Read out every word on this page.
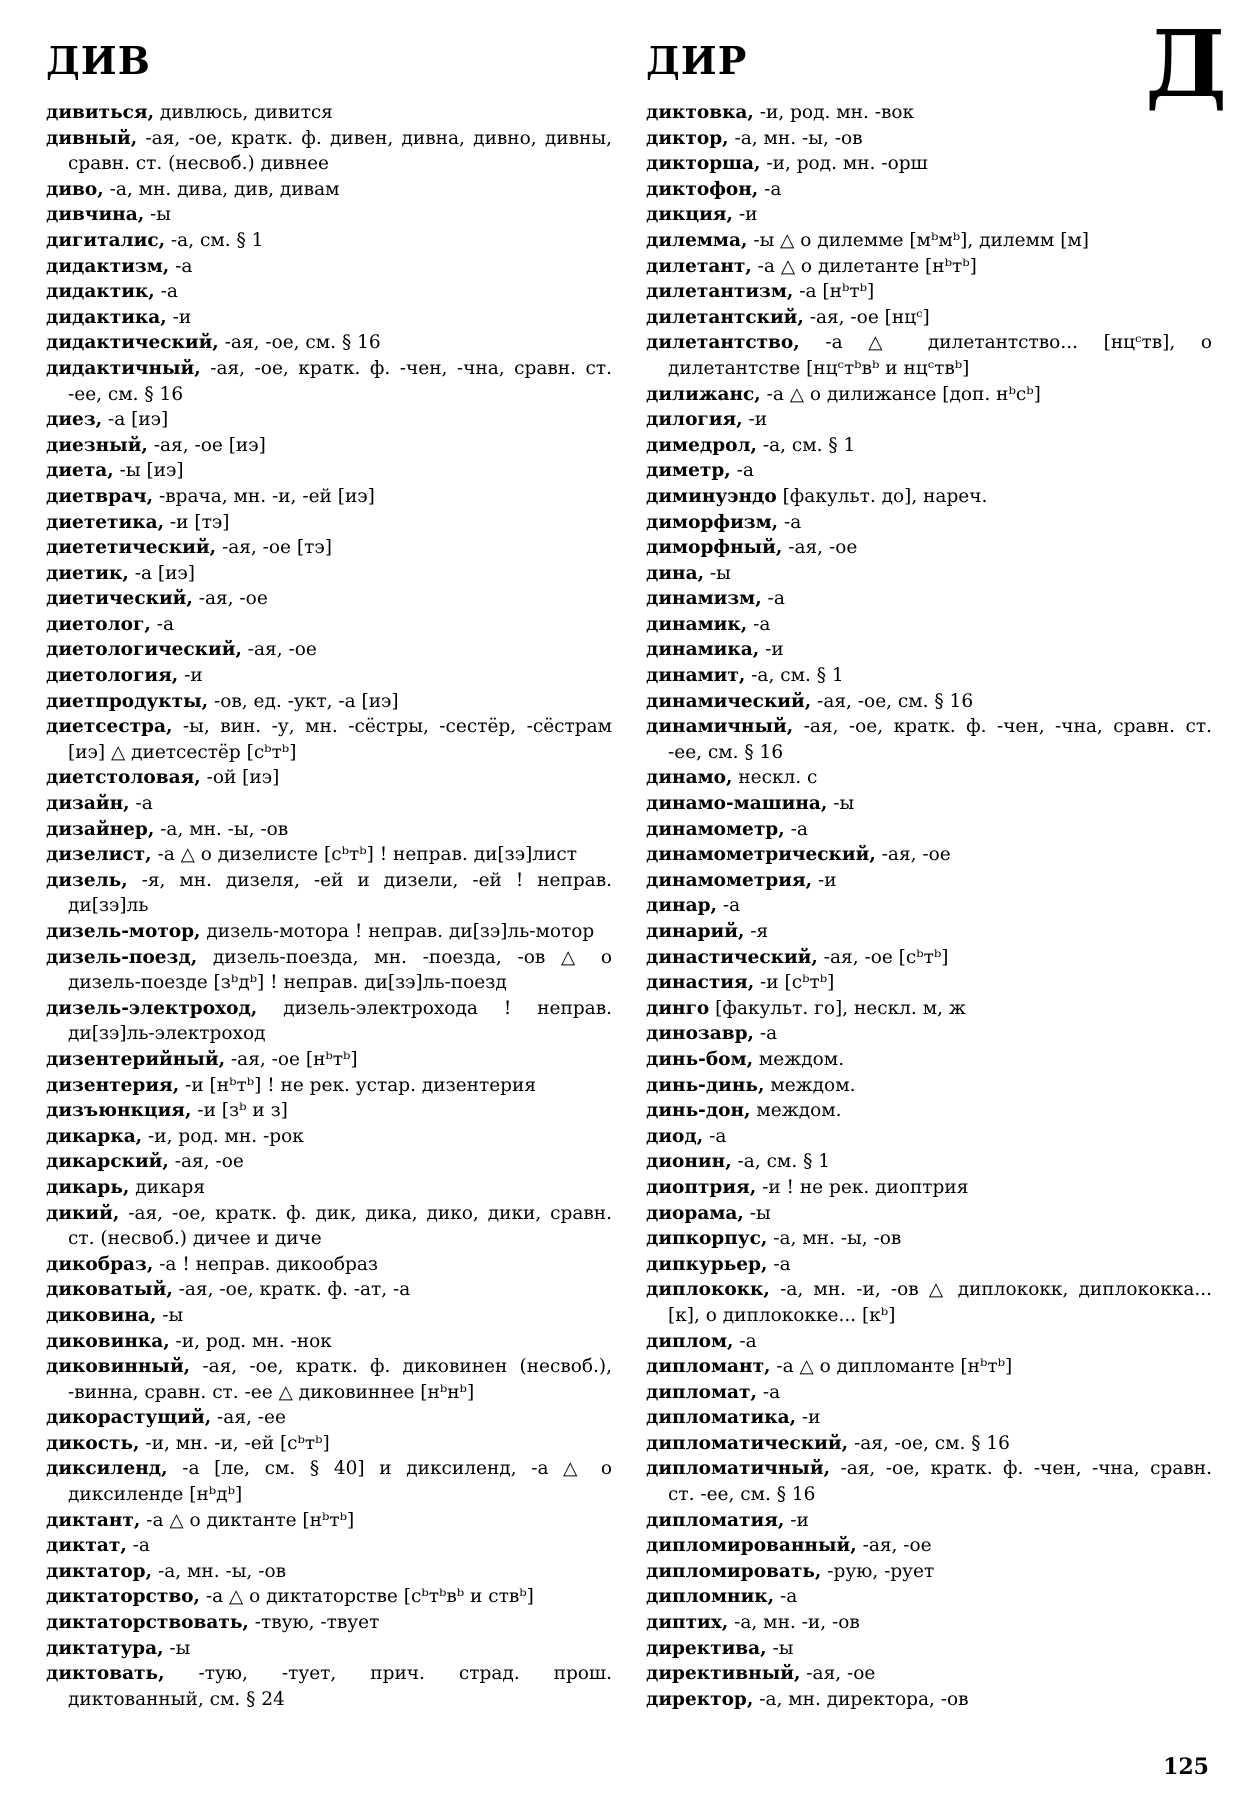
ДИВ	ДИР	Д
дивиться, дивлюсь, дивится
дивный, -ая, -ое, кратк. ф. дивен, дивна, дивно, дивны, сравн. ст. (несвоб.) дивнее
диво, -а, мн. дива, див, дивам
дивчина, -ы
дигиталис, -а, см. § 1
дидактизм, -а
дидактик, -а
дидактика, -и
дидактический, -ая, -ое, см. § 16
дидактичный, -ая, -ое, кратк. ф. -чен, -чна, сравн. ст. -ее, см. § 16
диез, -а [иэ]
диезный, -ая, -ое [иэ]
диета, -ы [иэ]
диетврач, -врача, мн. -и, -ей [иэ]
диететика, -и [тэ]
диететический, -ая, -ое [тэ]
диетик, -а [иэ]
диетический, -ая, -ое
диетолог, -а
диетологический, -ая, -ое
диетология, -и
диетпродукты, -ов, ед. -укт, -а [иэ]
диетсестра, -ы, вин. -у, мн. -сёстры, -сестёр, -сёстрам [иэ] △ диетсестёр [сᵇтᵇ]
диетстоловая, -ой [иэ]
дизайн, -а
дизайнер, -а, мн. -ы, -ов
дизелист, -а △ о дизелисте [сᵇтᵇ] ! неправ. ди[зэ]лист
дизель, -я, мн. дизеля, -ей и дизели, -ей ! неправ. ди[зэ]ль
дизель-мотор, дизель-мотора ! неправ. ди[зэ]ль-мотор
дизель-поезд, дизель-поезда, мн. -поезда, -ов △ о дизель-поезде [зᵇдᵇ] ! неправ. ди[зэ]ль-поезд
дизель-электроход, дизель-электрохода ! неправ. ди[зэ]ль-электроход
дизентерийный, -ая, -ое [нᵇтᵇ]
дизентерия, -и [нᵇтᵇ] ! не рек. устар. дизентерия
дизъюнкция, -и [зᵇ и з]
дикарка, -и, род. мн. -рок
дикарский, -ая, -ое
дикарь, дикаря
дикий, -ая, -ое, кратк. ф. дик, дика, дико, дики, сравн. ст. (несвоб.) дичее и диче
дикобраз, -а ! неправ. дикообраз
диковатый, -ая, -ое, кратк. ф. -ат, -а
диковина, -ы
диковинка, -и, род. мн. -нок
диковинный, -ая, -ое, кратк. ф. диковинен (несвоб.), -винна, сравн. ст. -ее △ диковиннее [нᵇнᵇ]
дикорастущий, -ая, -ее
дикость, -и, мн. -и, -ей [сᵇтᵇ]
диксиленд, -а [ле, см. § 40] и диксиленд, -а △ о диксиленде [нᵇдᵇ]
диктант, -а △ о диктанте [нᵇтᵇ]
диктат, -а
диктатор, -а, мн. -ы, -ов
диктаторство, -а △ о диктаторстве [сᵇтᵇвᵇ и ствᵇ]
диктаторствовать, -твую, -твует
диктатура, -ы
диктовать, -тую, -тует, прич. страд. прош. диктованный, см. § 24
диктовка, -и, род. мн. -вок
диктор, -а, мн. -ы, -ов
дикторша, -и, род. мн. -орш
диктофон, -а
дикция, -и
дилемма, -ы △ о дилемме [мᵇмᵇ], дилемм [м]
дилетант, -а △ о дилетанте [нᵇтᵇ]
дилетантизм, -а [нᵇтᵇ]
дилетантский, -ая, -ое [нцᶜ]
дилетантство, -а △ дилетантство... [нцᶜтв], о дилетантстве [нцᶜтᵇвᵇ и нцᶜтвᵇ]
дилижанс, -а △ о дилижансе [доп. нᵇсᵇ]
дилогия, -и
димедрол, -а, см. § 1
диметр, -а
диминуэндо [факульт. до], нареч.
диморфизм, -а
диморфный, -ая, -ое
дина, -ы
динамизм, -а
динамик, -а
динамика, -и
динамит, -а, см. § 1
динамический, -ая, -ое, см. § 16
динамичный, -ая, -ое, кратк. ф. -чен, -чна, сравн. ст. -ее, см. § 16
динамо, нескл. с
динамо-машина, -ы
динамометр, -а
динамометрический, -ая, -ое
динамометрия, -и
динар, -а
динарий, -я
династический, -ая, -ое [сᵇтᵇ]
династия, -и [сᵇтᵇ]
динго [факульт. го], нескл. м, ж
динозавр, -а
динь-бом, междом.
динь-динь, междом.
динь-дон, междом.
диод, -а
дионин, -а, см. § 1
диоптрия, -и ! не рек. диоптрия
диорама, -ы
дипкорпус, -а, мн. -ы, -ов
дипкурьер, -а
диплококк, -а, мн. -и, -ов △ диплококк, диплококка... [к], о диплококке... [кᵇ]
диплом, -а
дипломант, -а △ о дипломанте [нᵇтᵇ]
дипломат, -а
дипломатика, -и
дипломатический, -ая, -ое, см. § 16
дипломатичный, -ая, -ое, кратк. ф. -чен, -чна, сравн. ст. -ее, см. § 16
дипломатия, -и
дипломированный, -ая, -ое
дипломировать, -рую, -рует
дипломник, -а
диптих, -а, мн. -и, -ов
директива, -ы
директивный, -ая, -ое
директор, -а, мн. директора, -ов
125
